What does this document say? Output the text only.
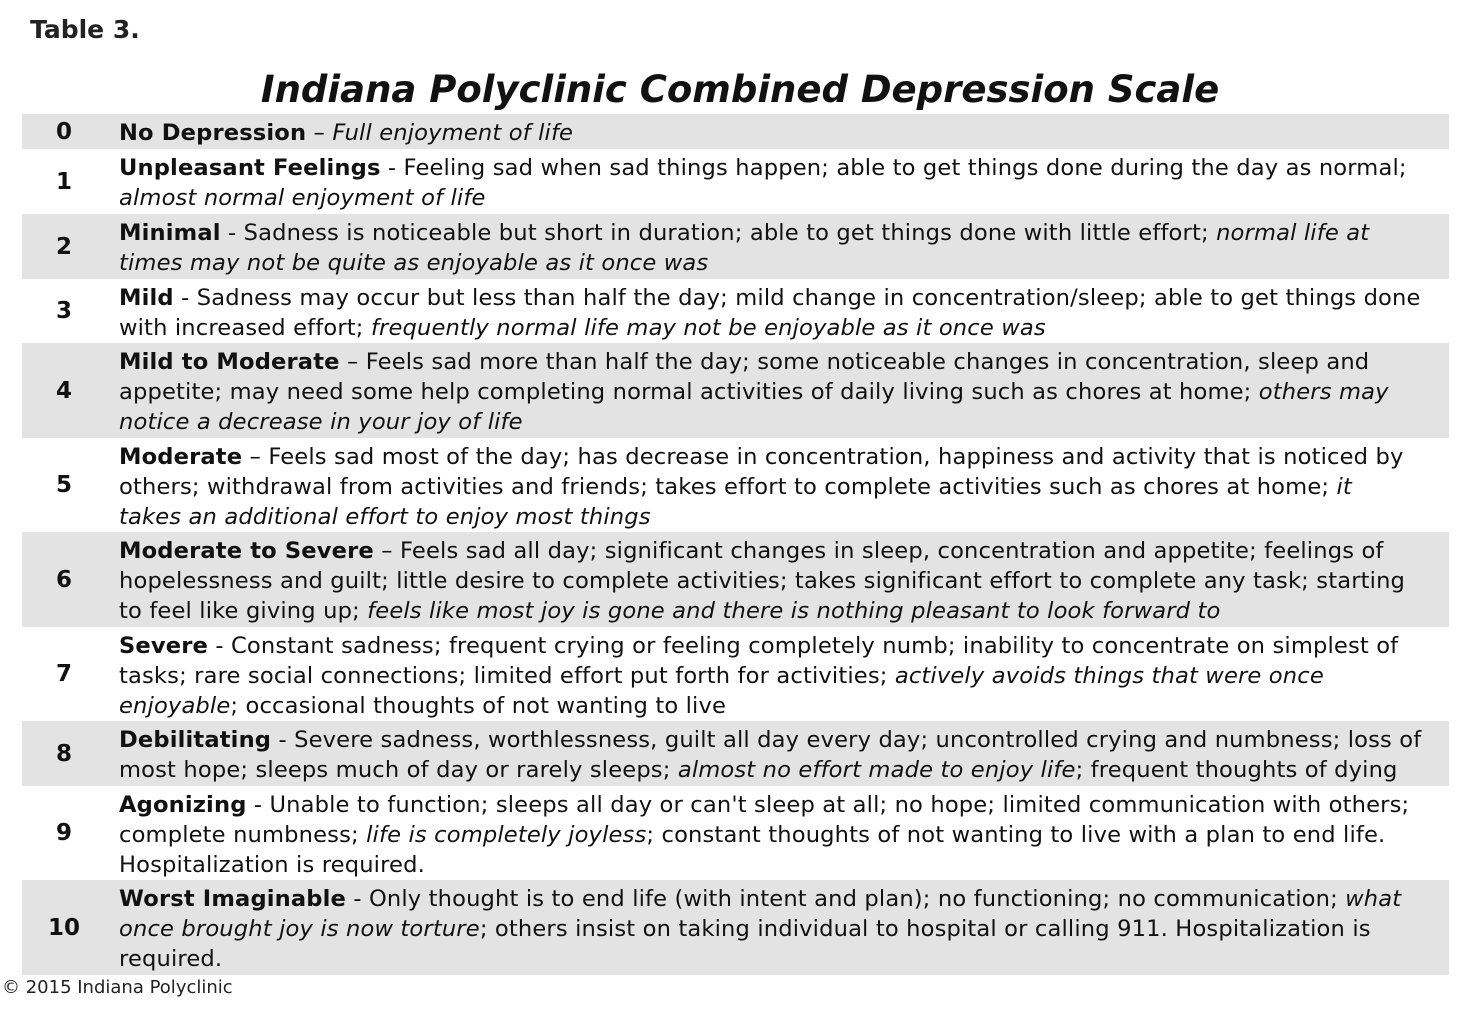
Table 3.
Indiana Polyclinic Combined Depression Scale
0	No Depression – Full enjoyment of life
1
Unpleasant Feelings - Feeling sad when sad things happen; able to get things done during the day as normal;
almost normal enjoyment of life
2
Minimal - Sadness is noticeable but short in duration; able to get things done with little effort; normal life at
times may not be quite as enjoyable as it once was
3	Mild - Sadness may occur but less than half the day; mild change in concentration/sleep; able to get things done
with increased effort; frequently normal life may not be enjoyable as it once was
4
Mild to Moderate – Feels sad more than half the day; some noticeable changes in concentration, sleep and
appetite; may need some help completing normal activities of daily living such as chores at home; others may
notice a decrease in your joy of life
5
Moderate – Feels sad most of the day; has decrease in concentration, happiness and activity that is noticed by
others; withdrawal from activities and friends; takes effort to complete activities such as chores at home; it
takes an additional effort to enjoy most things
6
Moderate to Severe – Feels sad all day; significant changes in sleep, concentration and appetite; feelings of
hopelessness and guilt; little desire to complete activities; takes significant effort to complete any task; starting
to feel like giving up; feels like most joy is gone and there is nothing pleasant to look forward to
7
Severe - Constant sadness; frequent crying or feeling completely numb; inability to concentrate on simplest of
tasks; rare social connections; limited effort put forth for activities; actively avoids things that were once
enjoyable; occasional thoughts of not wanting to live
8
Debilitating - Severe sadness, worthlessness, guilt all day every day; uncontrolled crying and numbness; loss of
most hope; sleeps much of day or rarely sleeps; almost no effort made to enjoy life; frequent thoughts of dying
9
Agonizing - Unable to function; sleeps all day or can't sleep at all; no hope; limited communication with others;
complete numbness; life is completely joyless; constant thoughts of not wanting to live with a plan to end life.
Hospitalization is required.
10
Worst Imaginable - Only thought is to end life (with intent and plan); no functioning; no communication; what
once brought joy is now torture; others insist on taking individual to hospital or calling 911. Hospitalization is
required.
© 2015 Indiana Polyclinic
